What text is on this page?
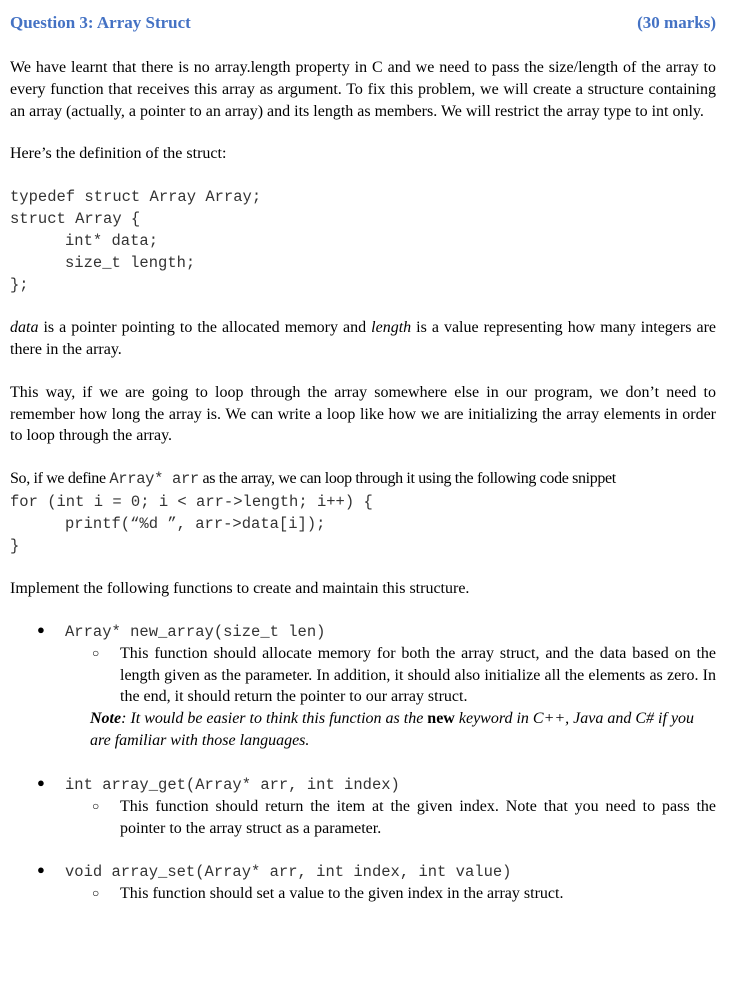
Question 3: Array Struct	(30 marks)

We have learnt that there is no array.length property in C and we need to pass the size/length of the array to every function that receives this array as argument. To fix this problem, we will create a structure containing an array (actually, a pointer to an array) and its length as members. We will restrict the array type to int only.

Here’s the definition of the struct:

typedef struct Array Array;
struct Array {
int* data;
size_t length;
};

data is a pointer pointing to the allocated memory and length is a value representing how many integers are there in the array.

This way, if we are going to loop through the array somewhere else in our program, we don’t need to remember how long the array is. We can write a loop like how we are initializing the array elements in order to loop through the array.

So, if we define Array* arr as the array, we can loop through it using the following code snippet

for (int i = 0; i < arr->length; i++) {
printf(“%d ”, arr->data[i]);
}

Implement the following functions to create and maintain this structure.

● Array* new_array(size_t len)
○ This function should allocate memory for both the array struct, and the data based on the length given as the parameter. In addition, it should also initialize all the elements as zero. In the end, it should return the pointer to our array struct.
Note: It would be easier to think this function as the new keyword in C++, Java and C# if you are familiar with those languages.
● int array_get(Array* arr, int index)
○ This function should return the item at the given index. Note that you need to pass the pointer to the array struct as a parameter.
● void array_set(Array* arr, int index, int value)
○ This function should set a value to the given index in the array struct.
